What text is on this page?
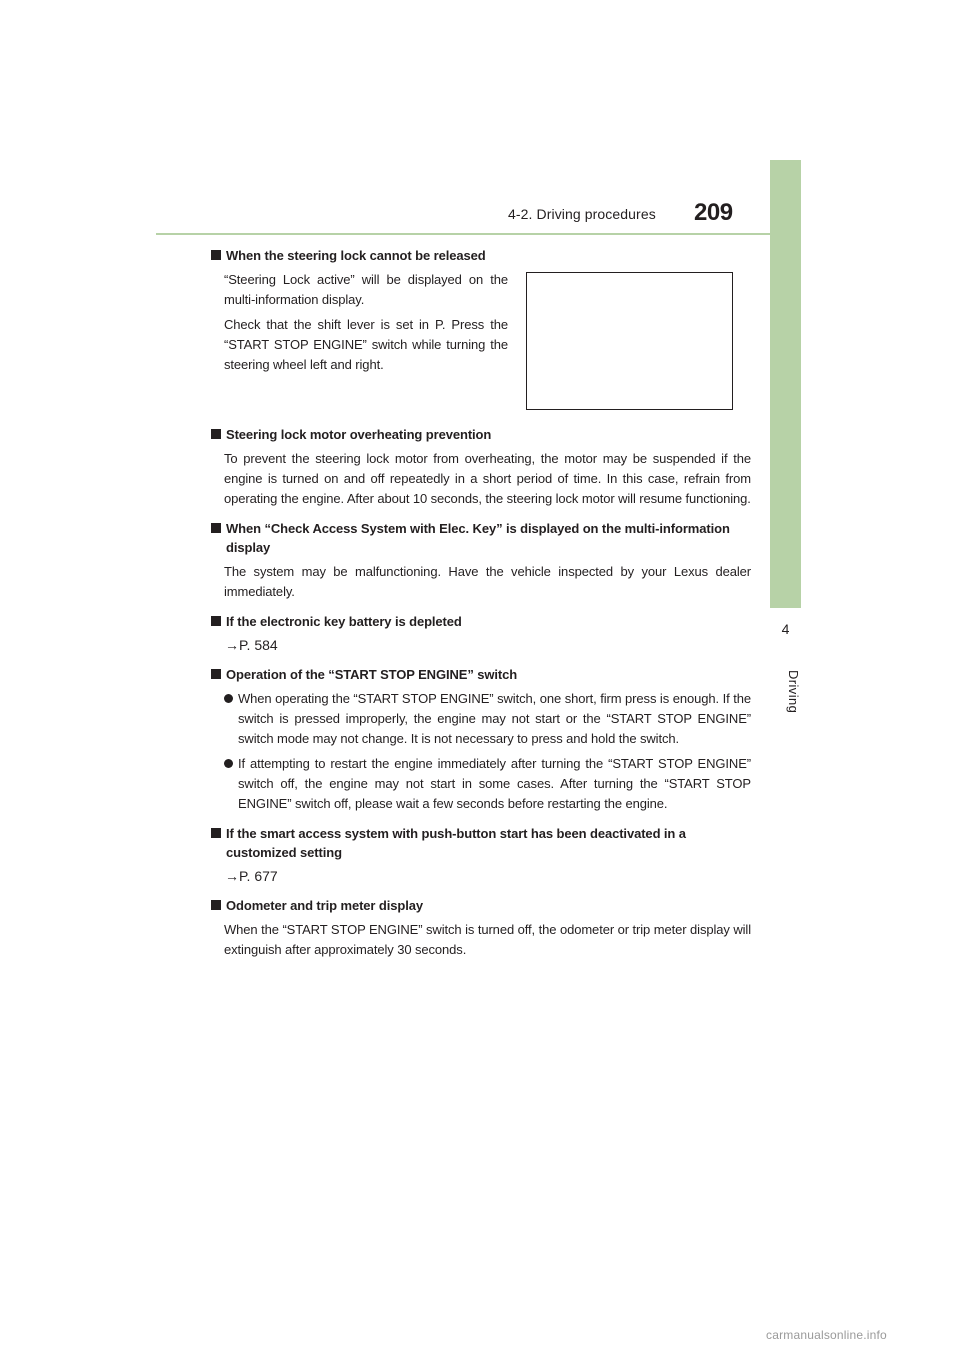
4-2. Driving procedures	209
4
Driving
When the steering lock cannot be released
“Steering Lock active” will be displayed on the multi-information display.
Check that the shift lever is set in P. Press the “START STOP ENGINE” switch while turning the steering wheel left and right.
Steering lock motor overheating prevention
To prevent the steering lock motor from overheating, the motor may be suspended if the engine is turned on and off repeatedly in a short period of time. In this case, refrain from operating the engine. After about 10 seconds, the steering lock motor will resume functioning.
When “Check Access System with Elec. Key” is displayed on the multi-information display
The system may be malfunctioning. Have the vehicle inspected by your Lexus dealer immediately.
If the electronic key battery is depleted
→P. 584
Operation of the “START STOP ENGINE” switch
When operating the “START STOP ENGINE” switch, one short, firm press is enough. If the switch is pressed improperly, the engine may not start or the “START STOP ENGINE” switch mode may not change. It is not necessary to press and hold the switch.
If attempting to restart the engine immediately after turning the “START STOP ENGINE” switch off, the engine may not start in some cases. After turning the “START STOP ENGINE” switch off, please wait a few seconds before restarting the engine.
If the smart access system with push-button start has been deactivated in a customized setting
→P. 677
Odometer and trip meter display
When the “START STOP ENGINE” switch is turned off, the odometer or trip meter display will extinguish after approximately 30 seconds.
carmanualsonline.info
